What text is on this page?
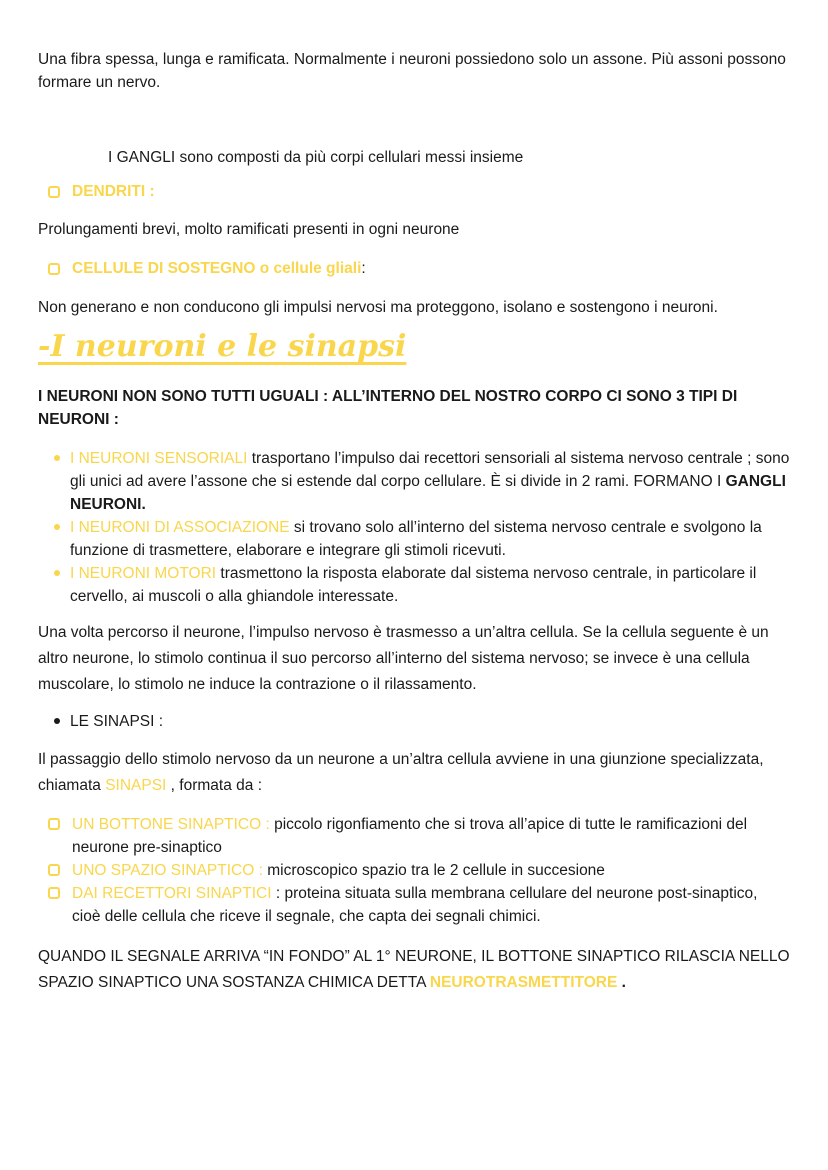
Una fibra spessa, lunga e ramificata. Normalmente i neuroni possiedono solo un assone. Più assoni possono formare un nervo.

I GANGLI sono composti da più corpi cellulari messi insieme

DENDRITI :

Prolungamenti brevi, molto ramificati presenti in ogni neurone

CELLULE DI SOSTEGNO o cellule gliali :

Non generano e non conducono gli impulsi nervosi ma proteggono, isolano e sostengono i neuroni.

-I neuroni e le sinapsi

I NEURONI NON SONO TUTTI UGUALI : ALL’INTERNO DEL NOSTRO CORPO CI SONO 3 TIPI DI NEURONI :

I NEURONI SENSORIALI trasportano l’impulso dai recettori sensoriali al sistema nervoso centrale ; sono gli unici ad avere l’assone che si estende dal corpo cellulare. È si divide in 2 rami. FORMANO I GANGLI NEURONI.
I NEURONI DI ASSOCIAZIONE si trovano solo all’interno del sistema nervoso centrale e svolgono la funzione di trasmettere, elaborare e integrare gli stimoli ricevuti.
I NEURONI MOTORI trasmettono la risposta elaborate dal sistema nervoso centrale, in particolare il cervello, ai muscoli o alla ghiandole interessate.

Una volta percorso il neurone, l’impulso nervoso è trasmesso a un’altra cellula. Se la cellula seguente è un altro neurone, lo stimolo continua il suo percorso all’interno del sistema nervoso; se invece è una cellula muscolare, lo stimolo ne induce la contrazione o il rilassamento.

LE SINAPSI :

Il passaggio dello stimolo nervoso da un neurone a un’altra cellula avviene in una giunzione specializzata, chiamata SINAPSI , formata da :

UN BOTTONE SINAPTICO : piccolo rigonfiamento che si trova all’apice di tutte le ramificazioni del neurone pre-sinaptico
UNO SPAZIO SINAPTICO : microscopico spazio tra le 2 cellule in succesione
DAI RECETTORI SINAPTICI : proteina situata sulla membrana cellulare del neurone post-sinaptico, cioè delle cellula che riceve il segnale, che capta dei segnali chimici.

QUANDO IL SEGNALE ARRIVA “IN FONDO” AL 1° NEURONE, IL BOTTONE SINAPTICO RILASCIA NELLO SPAZIO SINAPTICO UNA SOSTANZA CHIMICA DETTA NEUROTRASMETTITORE .
